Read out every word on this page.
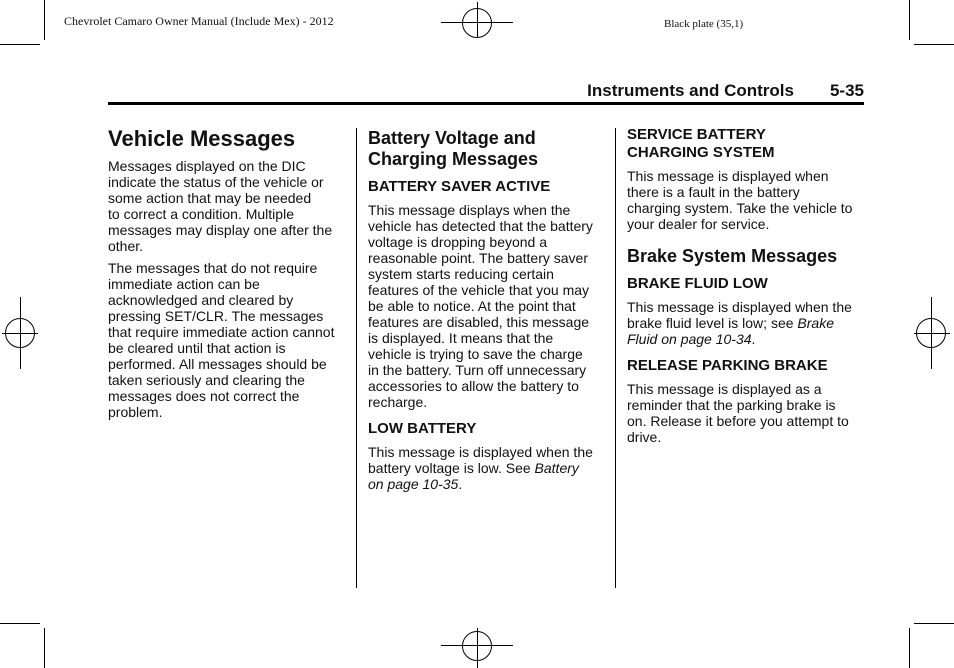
Chevrolet Camaro Owner Manual (Include Mex) - 2012	Black plate (35,1)
Instruments and Controls 5-35
Vehicle Messages

Messages displayed on the DIC
indicate the status of the vehicle or
some action that may be needed
to correct a condition. Multiple
messages may display one after the
other.

The messages that do not require
immediate action can be
acknowledged and cleared by
pressing SET/CLR. The messages
that require immediate action cannot
be cleared until that action is
performed. All messages should be
taken seriously and clearing the
messages does not correct the
problem.

Battery Voltage and
Charging Messages
BATTERY SAVER ACTIVE

This message displays when the
vehicle has detected that the battery
voltage is dropping beyond a
reasonable point. The battery saver
system starts reducing certain
features of the vehicle that you may
be able to notice. At the point that
features are disabled, this message
is displayed. It means that the
vehicle is trying to save the charge
in the battery. Turn off unnecessary
accessories to allow the battery to
recharge.

LOW BATTERY

This message is displayed when the
battery voltage is low. See Battery
on page 10-35.

SERVICE BATTERY
CHARGING SYSTEM

This message is displayed when
there is a fault in the battery
charging system. Take the vehicle to
your dealer for service.

Brake System Messages
BRAKE FLUID LOW

This message is displayed when the
brake fluid level is low; see Brake
Fluid on page 10-34.

RELEASE PARKING BRAKE

This message is displayed as a
reminder that the parking brake is
on. Release it before you attempt to
drive.
